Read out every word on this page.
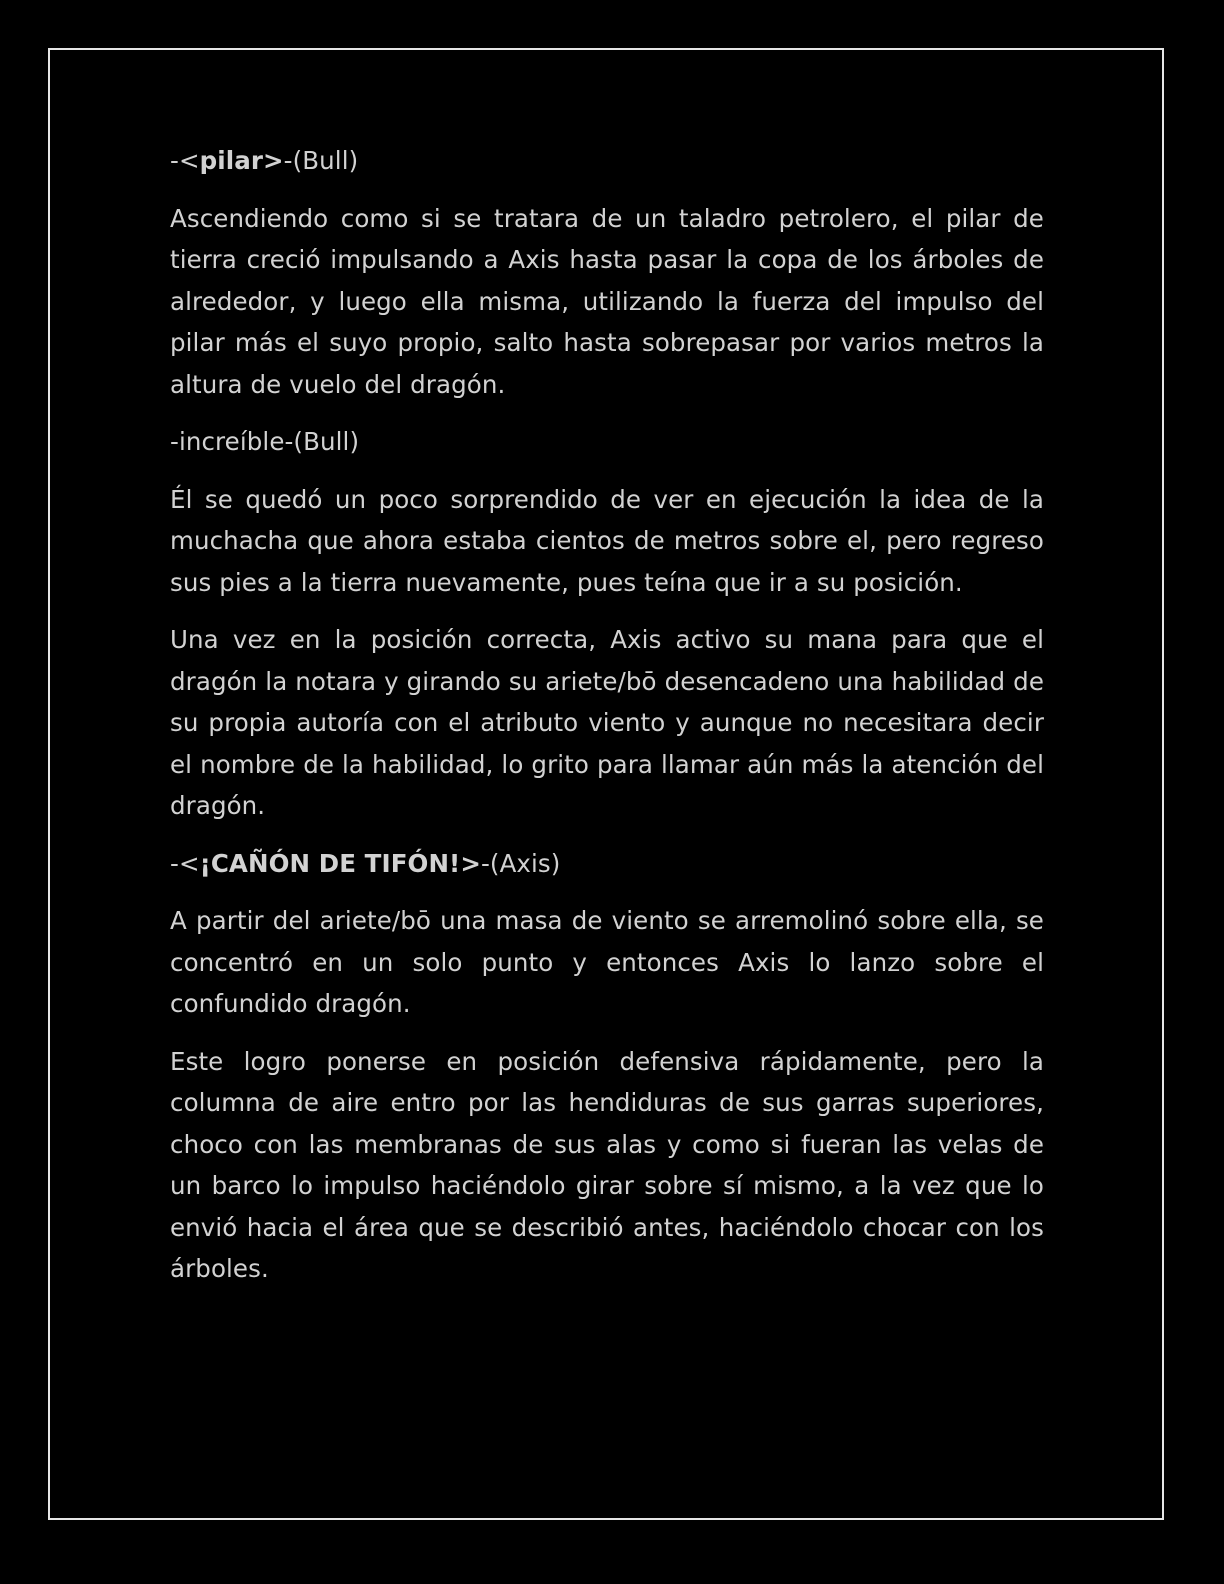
-<pilar>-(Bull)

Ascendiendo como si se tratara de un taladro petrolero, el pilar de tierra creció impulsando a Axis hasta pasar la copa de los árboles de alrededor, y luego ella misma, utilizando la fuerza del impulso del pilar más el suyo propio, salto hasta sobrepasar por varios metros la altura de vuelo del dragón.

-increíble-(Bull)

Él se quedó un poco sorprendido de ver en ejecución la idea de la muchacha que ahora estaba cientos de metros sobre el, pero regreso sus pies a la tierra nuevamente, pues teína que ir a su posición.

Una vez en la posición correcta, Axis activo su mana para que el dragón la notara y girando su ariete/bō desencadeno una habilidad de su propia autoría con el atributo viento y aunque no necesitara decir el nombre de la habilidad, lo grito para llamar aún más la atención del dragón.

-<¡CAÑÓN DE TIFÓN!>-(Axis)

A partir del ariete/bō una masa de viento se arremolinó sobre ella, se concentró en un solo punto y entonces Axis lo lanzo sobre el confundido dragón.

Este logro ponerse en posición defensiva rápidamente, pero la columna de aire entro por las hendiduras de sus garras superiores, choco con las membranas de sus alas y como si fueran las velas de un barco lo impulso haciéndolo girar sobre sí mismo, a la vez que lo envió hacia el área que se describió antes, haciéndolo chocar con los árboles.
